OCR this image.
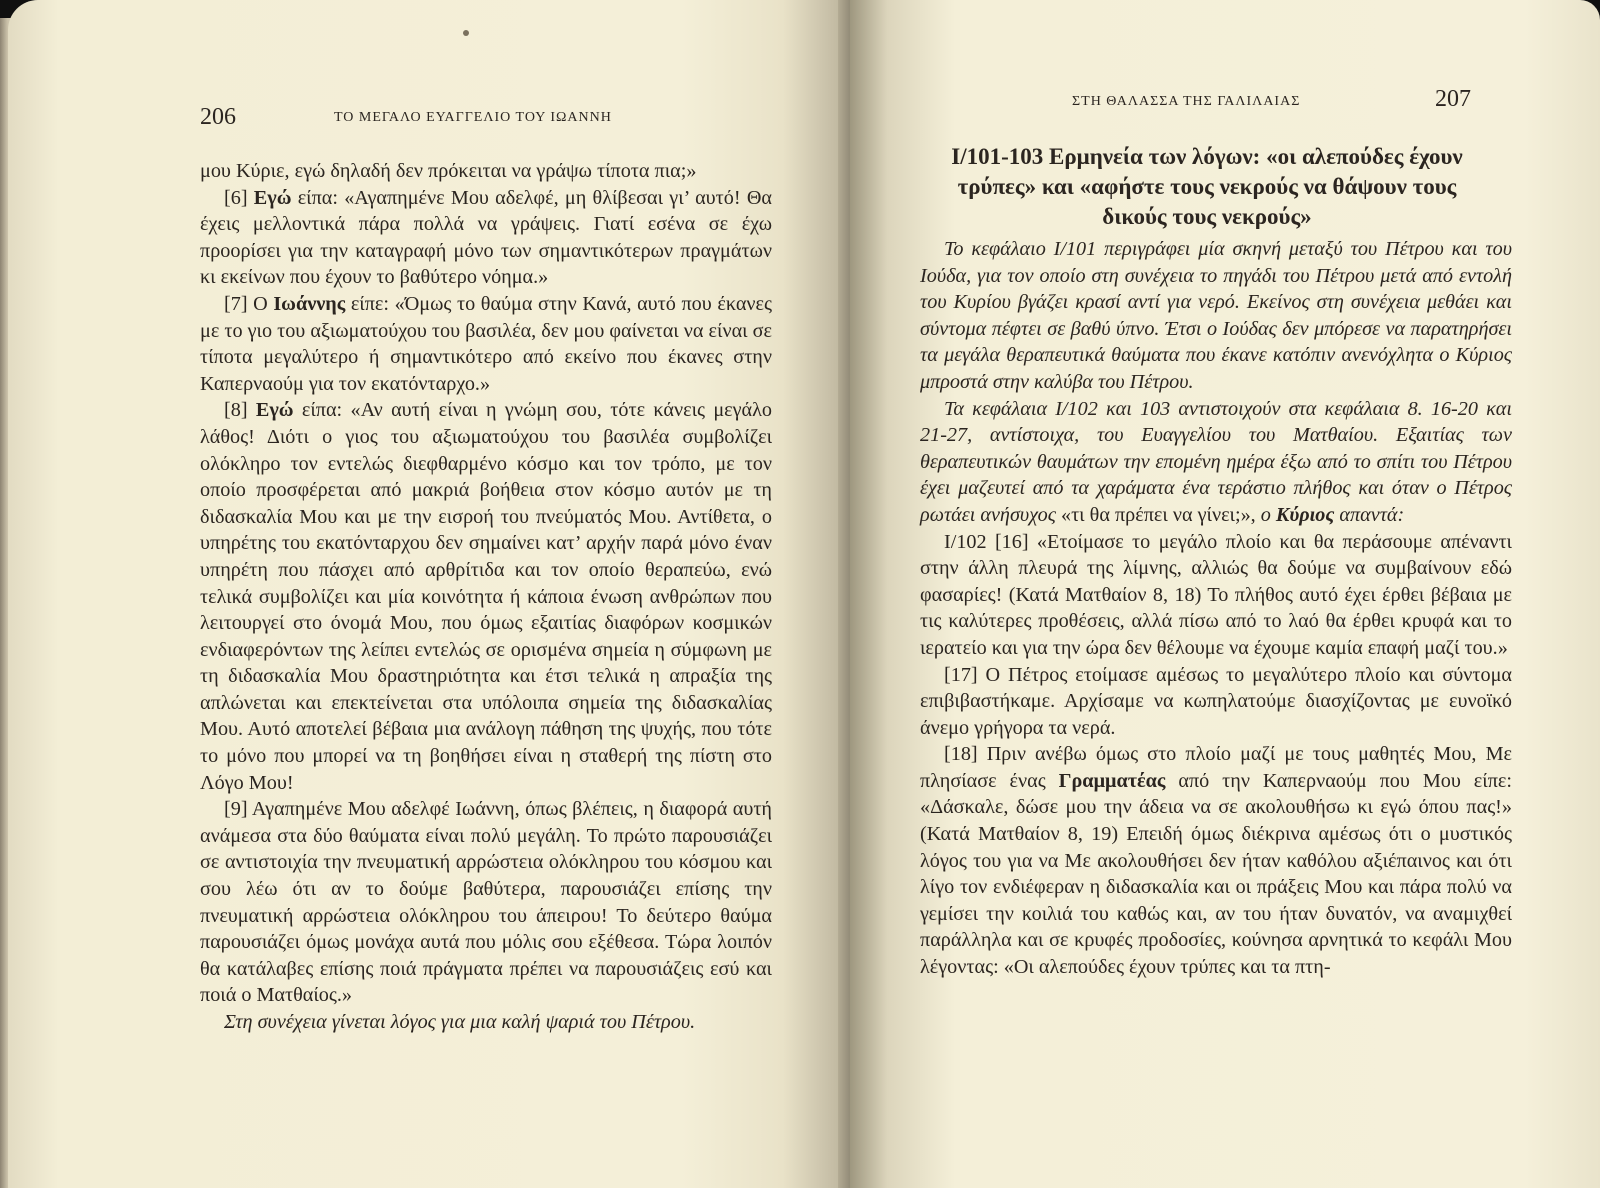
206	ΤΟ ΜΕΓΑΛΟ ΕΥΑΓΓΕΛΙΟ ΤΟΥ ΙΩΑΝΝΗ

μου Κύριε, εγώ δηλαδή δεν πρόκειται να γράψω τίποτα πια;»

[6] Εγώ είπα: «Αγαπημένε Μου αδελφέ, μη θλίβεσαι γι’ αυτό! Θα έχεις μελλοντικά πάρα πολλά να γράψεις. Γιατί εσένα σε έχω προορίσει για την καταγραφή μόνο των σημαντικότερων πραγμάτων κι εκείνων που έχουν το βαθύτερο νόημα.»

[7] Ο Ιωάννης είπε: «Όμως το θαύμα στην Κανά, αυτό που έκανες με το γιο του αξιωματούχου του βασιλέα, δεν μου φαίνεται να είναι σε τίποτα μεγαλύτερο ή σημαντικότερο από εκείνο που έκανες στην Καπερναούμ για τον εκατόνταρχο.»

[8] Εγώ είπα: «Αν αυτή είναι η γνώμη σου, τότε κάνεις μεγάλο λάθος! Διότι ο γιος του αξιωματούχου του βασιλέα συμβολίζει ολόκληρο τον εντελώς διεφθαρμένο κόσμο και τον τρόπο, με τον οποίο προσφέρεται από μακριά βοήθεια στον κόσμο αυτόν με τη διδασκαλία Μου και με την εισροή του πνεύματός Μου. Αντίθετα, ο υπηρέτης του εκατόνταρχου δεν σημαίνει κατ’ αρχήν παρά μόνο έναν υπηρέτη που πάσχει από αρθρίτιδα και τον οποίο θεραπεύω, ενώ τελικά συμβολίζει και μία κοινότητα ή κάποια ένωση ανθρώπων που λειτουργεί στο όνομά Μου, που όμως εξαιτίας διαφόρων κοσμικών ενδιαφερόντων της λείπει εντελώς σε ορισμένα σημεία η σύμφωνη με τη διδασκαλία Μου δραστηριότητα και έτσι τελικά η απραξία της απλώνεται και επεκτείνεται στα υπόλοιπα σημεία της διδασκαλίας Μου. Αυτό αποτελεί βέβαια μια ανάλογη πάθηση της ψυχής, που τότε το μόνο που μπορεί να τη βοηθήσει είναι η σταθερή της πίστη στο Λόγο Μου!

[9] Αγαπημένε Μου αδελφέ Ιωάννη, όπως βλέπεις, η διαφορά αυτή ανάμεσα στα δύο θαύματα είναι πολύ μεγάλη. Το πρώτο παρουσιάζει σε αντιστοιχία την πνευματική αρρώστεια ολόκληρου του κόσμου και σου λέω ότι αν το δούμε βαθύτερα, παρουσιάζει επίσης την πνευματική αρρώστεια ολόκληρου του άπειρου! Το δεύτερο θαύμα παρουσιάζει όμως μονάχα αυτά που μόλις σου εξέθεσα. Τώρα λοιπόν θα κατάλαβες επίσης ποιά πράγματα πρέπει να παρουσιάζεις εσύ και ποιά ο Ματθαίος.»

Στη συνέχεια γίνεται λόγος για μια καλή ψαριά του Πέτρου.

ΣΤΗ ΘΑΛΑΣΣΑ ΤΗΣ ΓΑΛΙΛΑΙΑΣ	207
I/101-103 Ερμηνεία των λόγων: «οι αλεπούδες έχουν τρύπες» και «αφήστε τους νεκρούς να θάψουν τους δικούς τους νεκρούς»

Το κεφάλαιο I/101 περιγράφει μία σκηνή μεταξύ του Πέτρου και του Ιούδα, για τον οποίο στη συνέχεια το πηγάδι του Πέτρου μετά από εντολή του Κυρίου βγάζει κρασί αντί για νερό. Εκείνος στη συνέχεια μεθάει και σύντομα πέφτει σε βαθύ ύπνο. Έτσι ο Ιούδας δεν μπόρεσε να παρατηρήσει τα μεγάλα θεραπευτικά θαύματα που έκανε κατόπιν ανενόχλητα ο Κύριος μπροστά στην καλύβα του Πέτρου.

Τα κεφάλαια I/102 και 103 αντιστοιχούν στα κεφάλαια 8. 16-20 και 21-27, αντίστοιχα, του Ευαγγελίου του Ματθαίου. Εξαιτίας των θεραπευτικών θαυμάτων την επομένη ημέρα έξω από το σπίτι του Πέτρου έχει μαζευτεί από τα χαράματα ένα τεράστιο πλήθος και όταν ο Πέτρος ρωτάει ανήσυχος «τι θα πρέπει να γίνει;», ο Κύριος απαντά:

I/102 [16] «Ετοίμασε το μεγάλο πλοίο και θα περάσουμε απέναντι στην άλλη πλευρά της λίμνης, αλλιώς θα δούμε να συμβαίνουν εδώ φασαρίες! (Κατά Ματθαίον 8, 18) Το πλήθος αυτό έχει έρθει βέβαια με τις καλύτερες προθέσεις, αλλά πίσω από το λαό θα έρθει κρυφά και το ιερατείο και για την ώρα δεν θέλουμε να έχουμε καμία επαφή μαζί του.»

[17] Ο Πέτρος ετοίμασε αμέσως το μεγαλύτερο πλοίο και σύντομα επιβιβαστήκαμε. Αρχίσαμε να κωπηλατούμε διασχίζοντας με ευνοϊκό άνεμο γρήγορα τα νερά.

[18] Πριν ανέβω όμως στο πλοίο μαζί με τους μαθητές Μου, Με πλησίασε ένας Γραμματέας από την Καπερναούμ που Μου είπε: «Δάσκαλε, δώσε μου την άδεια να σε ακολουθήσω κι εγώ όπου πας!» (Κατά Ματθαίον 8, 19) Επειδή όμως διέκρινα αμέσως ότι ο μυστικός λόγος του για να Με ακολουθήσει δεν ήταν καθόλου αξιέπαινος και ότι λίγο τον ενδιέφεραν η διδασκαλία και οι πράξεις Μου και πάρα πολύ να γεμίσει την κοιλιά του καθώς και, αν του ήταν δυνατόν, να αναμιχθεί παράλληλα και σε κρυφές προδοσίες, κούνησα αρνητικά το κεφάλι Μου λέγοντας: «Οι αλεπούδες έχουν τρύπες και τα πτη-
